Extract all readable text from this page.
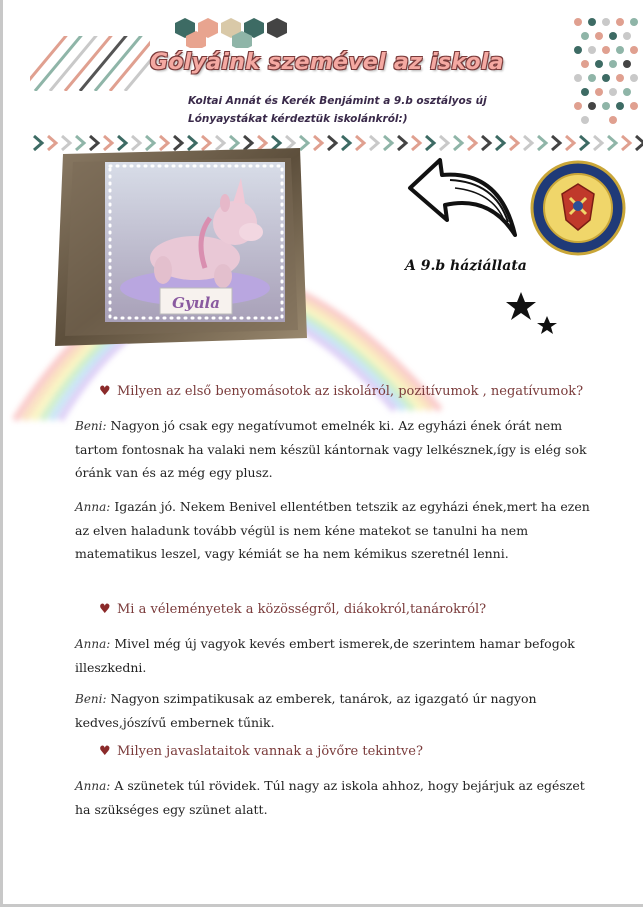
Gólyáink szemével az iskola
Koltai Annát és Kerék Benjámint a 9.b osztályos új
Lónyaystákat kérdeztük iskolánkról:)
Gyula
A 9.b háziállata
♥ Milyen az első benyomásotok az iskoláról, pozitívumok , negatívumok?
Beni: Nagyon jó csak egy negatívumot emelnék ki. Az egyházi ének órát nem tartom fontosnak ha valaki nem készül kántornak vagy lelkésznek,így is elég sok óránk van és az még egy plusz.
Anna: Igazán jó. Nekem Benivel ellentétben tetszik az egyházi ének,mert ha ezen az elven haladunk tovább végül is nem kéne matekot se tanulni ha nem matematikus leszel, vagy kémiát se ha nem kémikus szeretnél lenni.
♥ Mi a véleményetek a közösségről, diákokról,tanárokról?
Anna: Mivel még új vagyok kevés embert ismerek,de szerintem hamar befogok illeszkedni.
Beni: Nagyon szimpatikusak az emberek, tanárok, az igazgató úr nagyon kedves,jószívű embernek tűnik.
♥ Milyen javaslataitok vannak a jövőre tekintve?
Anna: A szünetek túl rövidek. Túl nagy az iskola ahhoz, hogy bejárjuk az egészet ha szükséges egy szünet alatt.
